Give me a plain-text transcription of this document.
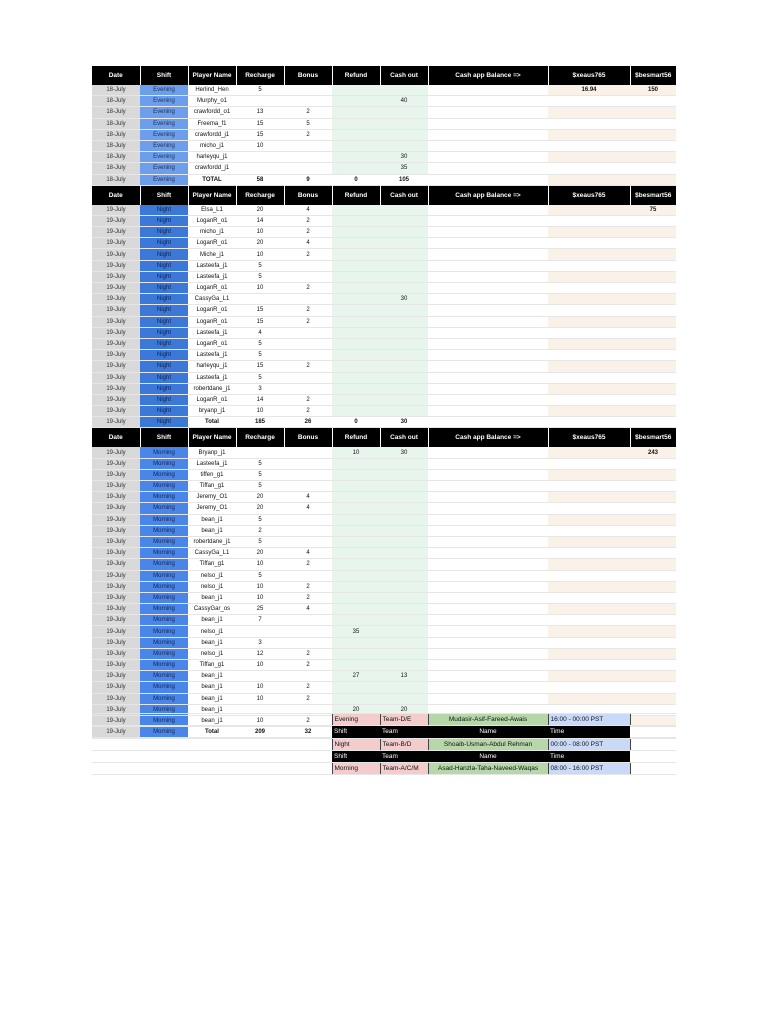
Date	Shift	Player Name	Recharge	Bonus	Refund	Cash out	Cash app Balance =>	$xeaus765	$besmart56
18-July	Evening	Herlind_Hen	5					16.94	150
18-July	Evening	Murphy_o1				40			
18-July	Evening	crawfordd_o1	13	2					
18-July	Evening	Freema_f1	15	5					
18-July	Evening	crawfordd_j1	15	2					
18-July	Evening	micho_j1	10						
18-July	Evening	harleyqu_j1				30			
18-July	Evening	crawfordd_j1				35			
18-July	Evening	TOTAL	58	9	0	105			
Date	Shift	Player Name	Recharge	Bonus	Refund	Cash out	Cash app Balance =>	$xeaus765	$besmart56
19-July	Night	Elsa_L1	20	4					75
19-July	Night	LoganR_o1	14	2					
19-July	Night	micho_j1	10	2					
19-July	Night	LoganR_o1	20	4					
19-July	Night	Miche_j1	10	2					
19-July	Night	Lasteefa_j1	5						
19-July	Night	Lasteefa_j1	5						
19-July	Night	LoganR_o1	10	2					
19-July	Night	CassyGa_L1				30			
19-July	Night	LoganR_o1	15	2					
19-July	Night	LoganR_o1	15	2					
19-July	Night	Lasteefa_j1	4						
19-July	Night	LoganR_o1	5						
19-July	Night	Lasteefa_j1	5						
19-July	Night	harleyqu_j1	15	2					
19-July	Night	Lasteefa_j1	5						
19-July	Night	robertdane_j1	3						
19-July	Night	LoganR_o1	14	2					
19-July	Night	bryanp_j1	10	2					
19-July	Night	Total	185	26	0	30			
Date	Shift	Player Name	Recharge	Bonus	Refund	Cash out	Cash app Balance =>	$xeaus765	$besmart56
19-July	Morning	Bryanp_j1			10	30			243
19-July	Morning	Lasteefa_j1	5						
19-July	Morning	tiffen_g1	5						
19-July	Morning	Tiffan_g1	5						
19-July	Morning	Jeremy_O1	20	4					
19-July	Morning	Jeremy_O1	20	4					
19-July	Morning	bean_j1	5						
19-July	Morning	bean_j1	2						
19-July	Morning	robertdane_j1	5						
19-July	Morning	CassyGa_L1	20	4					
19-July	Morning	Tiffan_g1	10	2					
19-July	Morning	nelso_j1	5						
19-July	Morning	nelso_j1	10	2					
19-July	Morning	bean_j1	10	2					
19-July	Morning	CassyGar_os	25	4					
19-July	Morning	bean_j1	7						
19-July	Morning	nelso_j1			35				
19-July	Morning	bean_j1	3						
19-July	Morning	nelso_j1	12	2					
19-July	Morning	Tiffan_g1	10	2					
19-July	Morning	bean_j1			27	13			
19-July	Morning	bean_j1	10	2					
19-July	Morning	bean_j1	10	2					
19-July	Morning	bean_j1			20	20			
19-July	Morning	bean_j1	10	2					
19-July	Morning	Total	209	32					

					Evening	Team-D/E	Mudasir-Asif-Fareed-Awais	16:00 - 00:00 PST	
					Shift	Team	Name	Time	
					Night	Team-B/D	Shoaib-Usman-Abdul Rehman	00:00 - 08:00 PST	
					Shift	Team	Name	Time	
					Morning	Team-A/C/M	Asad-Hanzla-Taha-Naveed-Waqas	08:00 - 16:00 PST	
